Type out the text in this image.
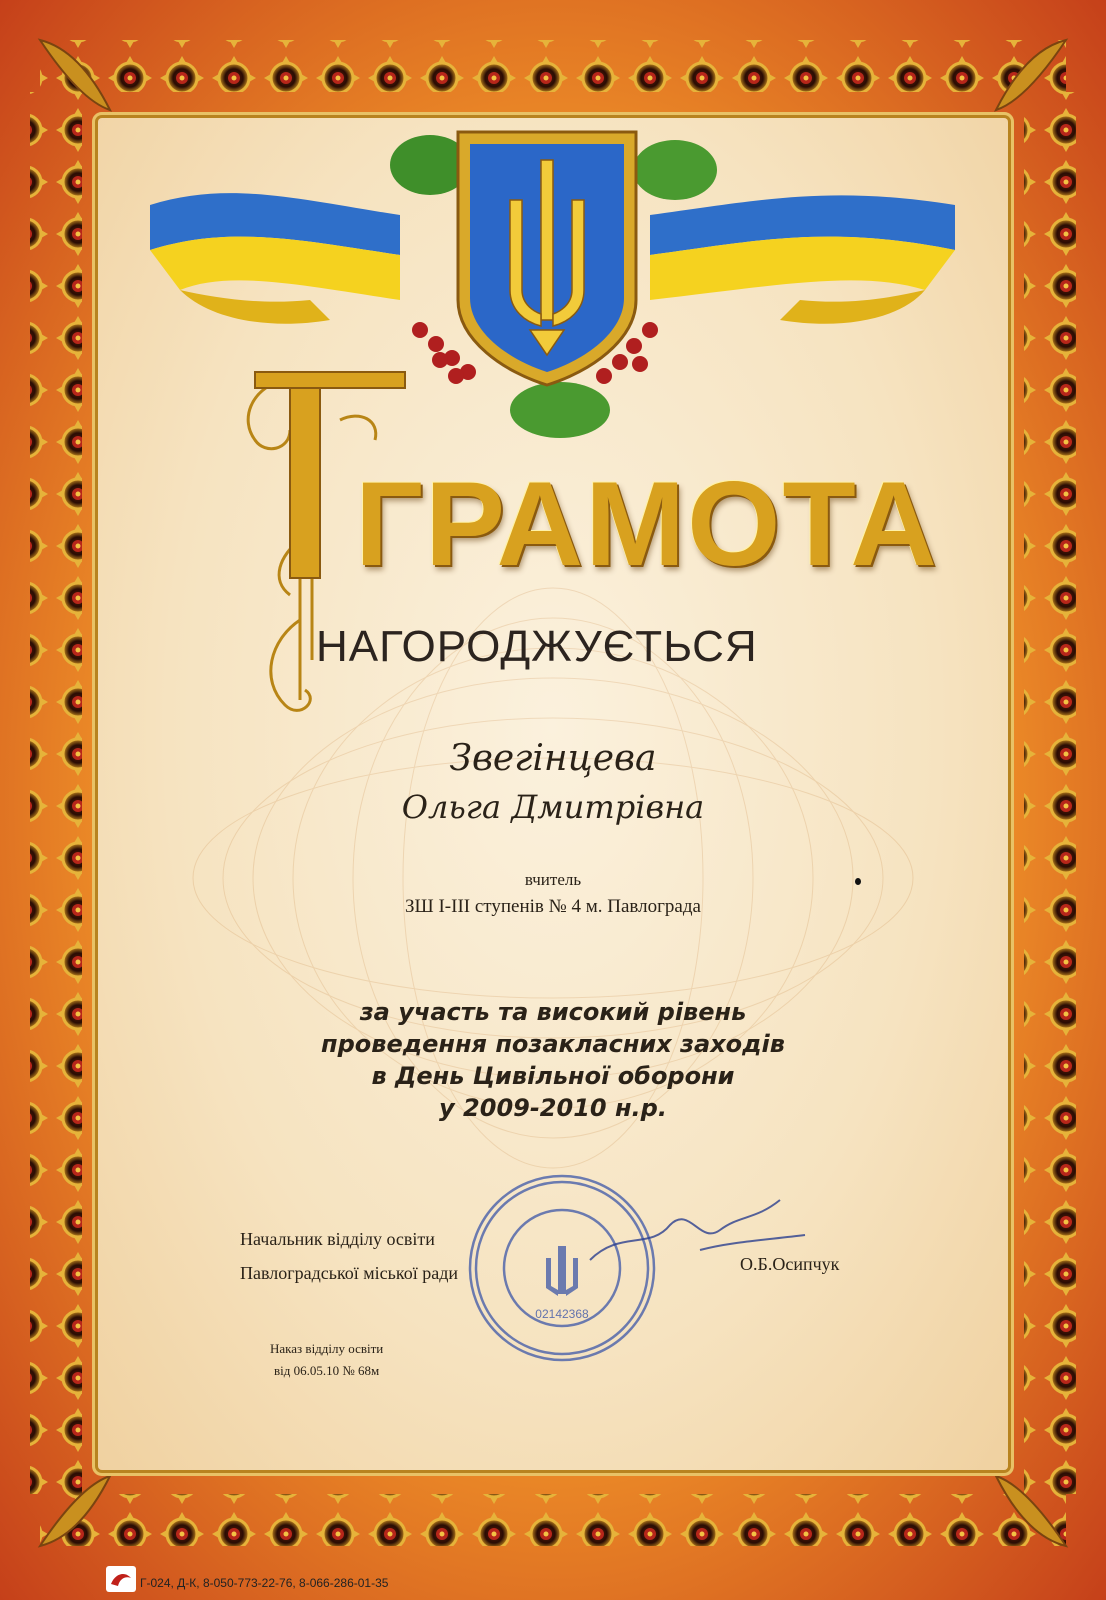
ГРАМОТА
НАГОРОДЖУЄТЬСЯ
Звегінцева
Ольга Дмитрівна
вчитель
ЗШ І-ІІІ ступенів № 4 м. Павлограда
за участь та високий рівень
проведення позакласних заходів
в День Цивільної оборони
у 2009-2010 н.р.
02142368
Начальник відділу освіти
Павлоградської міської ради	О.Б.Осипчук
Наказ відділу освіти
від 06.05.10 № 68м
Г-024, Д-К, 8-050-773-22-76, 8-066-286-01-35
